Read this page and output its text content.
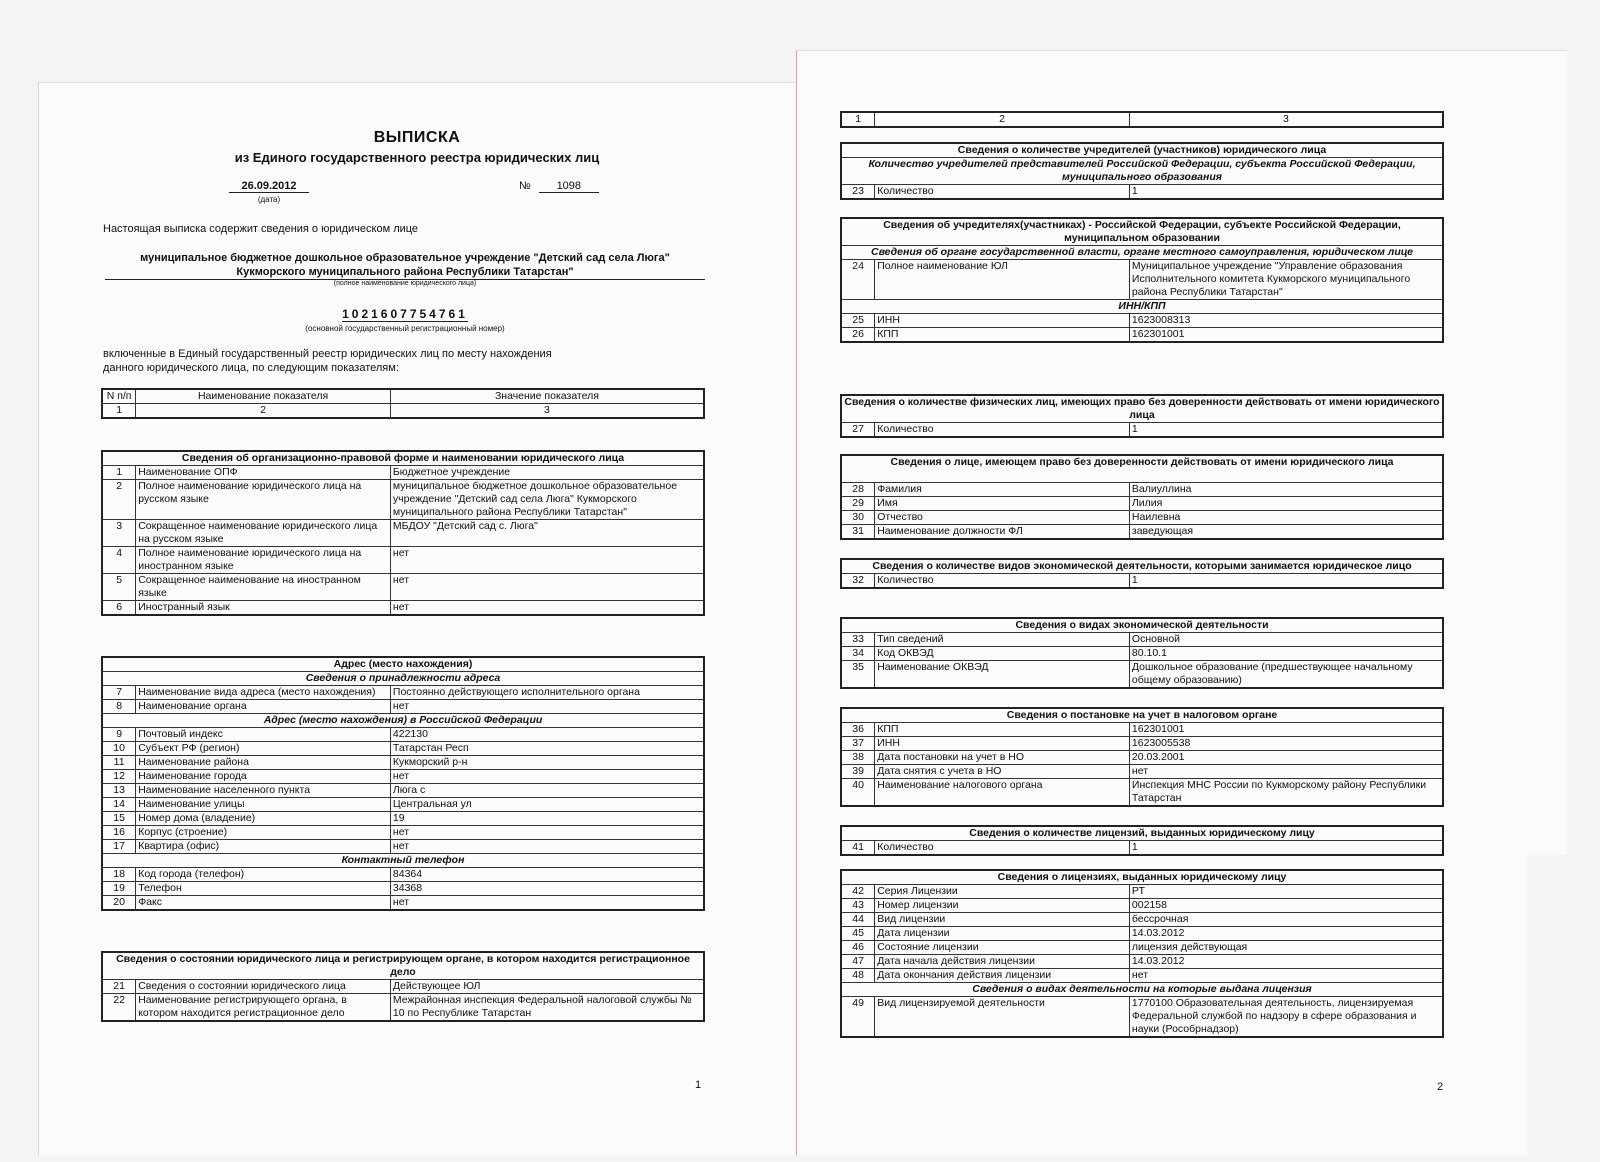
ВЫПИСКА
из Единого государственного реестра юридических лиц
26.09.2012
(дата)
№ 1098
Настоящая выписка содержит сведения о юридическом лице
муниципальное бюджетное дошкольное образовательное учреждение "Детский сад села Люга"
Кукморского муниципального района Республики Татарстан"
(полное наименование юридического лица)
1021607754761
(основной государственный регистрационный номер)
включенные в Единый государственный реестр юридических лиц по месту нахождения данного юридического лица, по следующим показателям:
N п/п	Наименование показателя	Значение показателя
1	2	3
Сведения об организационно-правовой форме и наименовании юридического лица		
1	Наименование ОПФ	Бюджетное учреждение
2	Полное наименование юридического лица на русском языке	муниципальное бюджетное дошкольное образовательное учреждение "Детский сад села Люга" Кукморского муниципального района Республики Татарстан"
3	Сокращенное наименование юридического лица на русском языке	МБДОУ "Детский сад с. Люга"
4	Полное наименование юридического лица на иностранном языке	нет
5	Сокращенное наименование на иностранном языке	нет
6	Иностранный язык	нет
Адрес (место нахождения)		
Сведения о принадлежности адреса		
7	Наименование вида адреса (место нахождения)	Постоянно действующего исполнительного органа
8	Наименование органа	нет
Адрес (место нахождения) в Российской Федерации		
9	Почтовый индекс	422130
10	Субъект РФ (регион)	Татарстан Респ
11	Наименование района	Кукморский р-н
12	Наименование города	нет
13	Наименование населенного пункта	Люга с
14	Наименование улицы	Центральная ул
15	Номер дома (владение)	19
16	Корпус (строение)	нет
17	Квартира (офис)	нет
Контактный телефон		
18	Код города (телефон)	84364
19	Телефон	34368
20	Факс	нет
Сведения о состоянии юридического лица и регистрирующем органе, в котором находится регистрационное дело		
21	Сведения о состоянии юридического лица	Действующее ЮЛ
22	Наименование регистрирующего органа, в котором находится регистрационное дело	Межрайонная инспекция Федеральной налоговой службы № 10 по Республике Татарстан
1
1	2	3
Сведения о количестве учредителей (участников) юридического лица
Количество учредителей представителей Российской Федерации, субъекта Российской Федерации, муниципального образования
23	Количество	1
Сведения об учредителях(участниках) - Российской Федерации, субъекте Российской Федерации, муниципальном образовании		
Сведения об органе государственной власти, органе местного самоуправления, юридическом лице		
24	Полное наименование ЮЛ	Муниципальное учреждение "Управление образования Исполнительного комитета Кукморского муниципального района Республики Татарстан"
ИНН/КПП		
25	ИНН	1623008313
26	КПП	162301001
Сведения о количестве физических лиц, имеющих право без доверенности действовать от имени юридического лица
27	Количество	1
Сведения о лице, имеющем право без доверенности действовать от имени юридического лица		
28	Фамилия	Валиуллина
29	Имя	Лилия
30	Отчество	Наилевна
31	Наименование должности ФЛ	заведующая
Сведения о количестве видов экономической деятельности, которыми занимается юридическое лицо
32	Количество	1
Сведения о видах экономической деятельности		
33	Тип сведений	Основной
34	Код ОКВЭД	80.10.1
35	Наименование ОКВЭД	Дошкольное образование (предшествующее начальному общему образованию)
Сведения о постановке на учет в налоговом органе		
36	КПП	162301001
37	ИНН	1623005538
38	Дата постановки на учет в НО	20.03.2001
39	Дата снятия с учета в НО	нет
40	Наименование налогового органа	Инспекция МНС России по Кукморскому району Республики Татарстан
Сведения о количестве лицензий, выданных юридическому лицу
41	Количество	1
Сведения о лицензиях, выданных юридическому лицу		
42	Серия Лицензии	РТ
43	Номер лицензии	002158
44	Вид лицензии	бессрочная
45	Дата лицензии	14.03.2012
46	Состояние лицензии	лицензия действующая
47	Дата начала действия лицензии	14.03.2012
48	Дата окончания действия лицензии	нет
Сведения о видах деятельности на которые выдана лицензия		
49	Вид лицензируемой деятельности	1770100 Образовательная деятельность, лицензируемая Федеральной службой по надзору в сфере образования и науки (Рособрнадзор)
2
